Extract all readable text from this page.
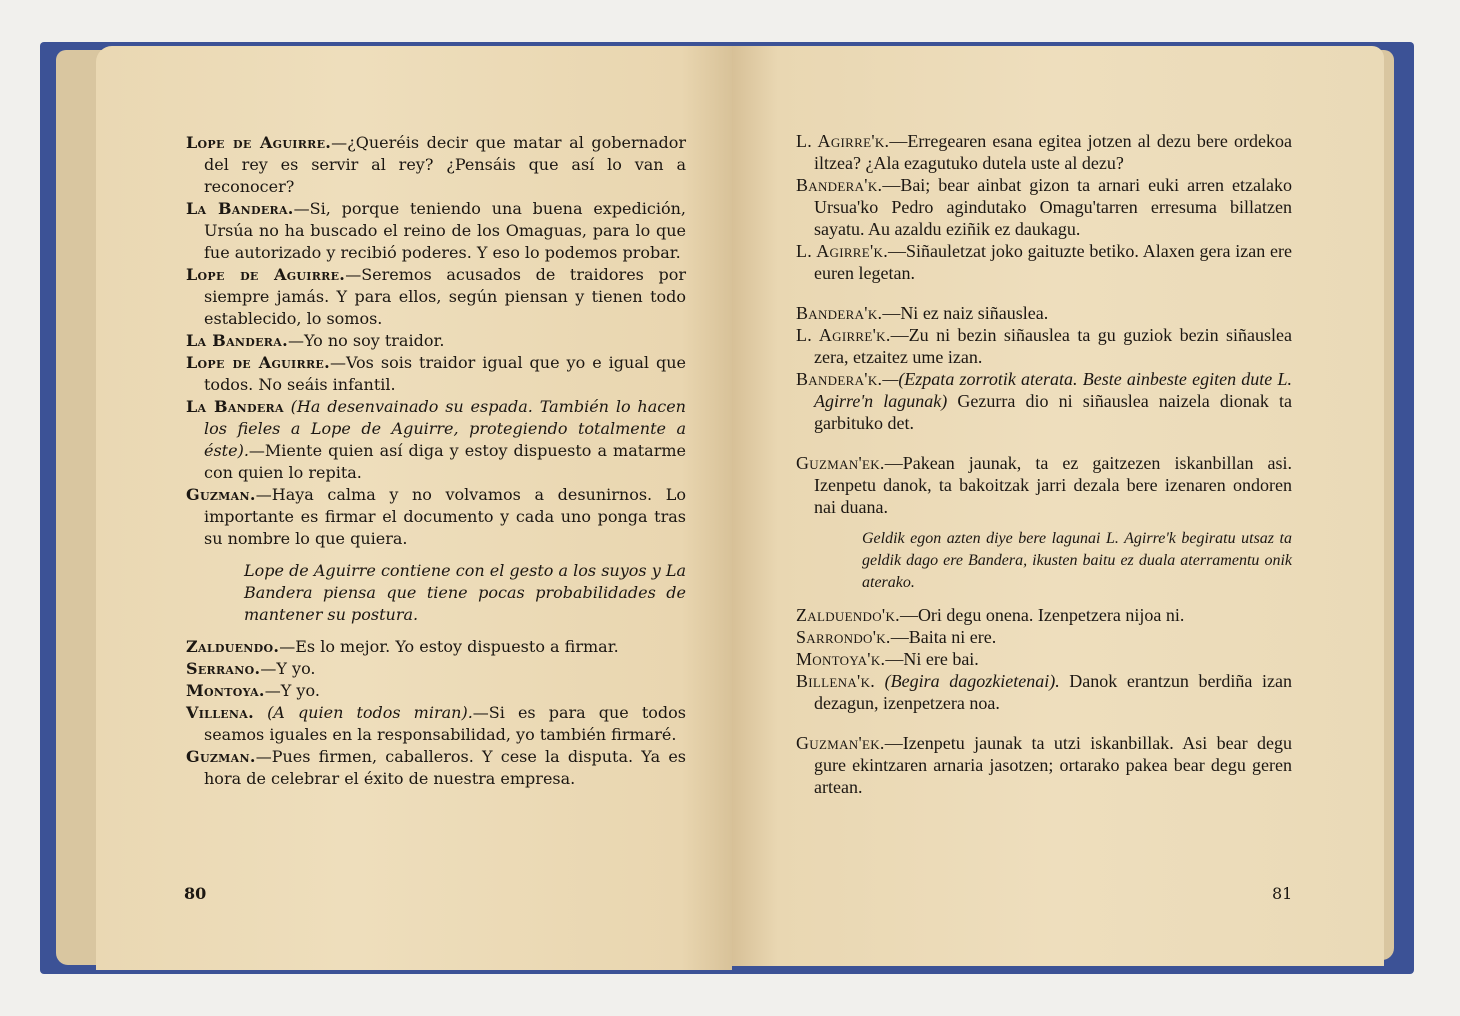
Lope de Aguirre.—¿Queréis decir que matar al gobernador del rey es servir al rey? ¿Pensáis que así lo van a reconocer?

La Bandera.—Si, porque teniendo una buena expedición, Ursúa no ha buscado el reino de los Omaguas, para lo que fue autorizado y recibió poderes. Y eso lo podemos probar.

Lope de Aguirre.—Seremos acusados de traidores por siempre jamás. Y para ellos, según piensan y tienen todo establecido, lo somos.

La Bandera.—Yo no soy traidor.

Lope de Aguirre.—Vos sois traidor igual que yo e igual que todos. No seáis infantil.

La Bandera (Ha desenvainado su espada. También lo hacen los fieles a Lope de Aguirre, protegiendo totalmente a éste).—Miente quien así diga y estoy dispuesto a matarme con quien lo repita.

Guzman.—Haya calma y no volvamos a desunirnos. Lo importante es firmar el documento y cada uno ponga tras su nombre lo que quiera.

Lope de Aguirre contiene con el gesto a los suyos y La Bandera piensa que tiene pocas probabilidades de mantener su postura.

Zalduendo.—Es lo mejor. Yo estoy dispuesto a firmar.

Serrano.—Y yo.

Montoya.—Y yo.

Villena. (A quien todos miran).—Si es para que todos seamos iguales en la responsabilidad, yo también firmaré.

Guzman.—Pues firmen, caballeros. Y cese la disputa. Ya es hora de celebrar el éxito de nuestra empresa.

80

L. Agirre'k.—Erregearen esana egitea jotzen al dezu bere ordekoa iltzea? ¿Ala ezagutuko dutela uste al dezu?

Bandera'k.—Bai; bear ainbat gizon ta arnari euki arren etzalako Ursua'ko Pedro agindutako Omagu'tarren erresuma billatzen sayatu. Au azaldu eziñik ez daukagu.

L. Agirre'k.—Siñauletzat joko gaituzte betiko. Alaxen gera izan ere euren legetan.

Bandera'k.—Ni ez naiz siñauslea.

L. Agirre'k.—Zu ni bezin siñauslea ta gu guziok bezin siñauslea zera, etzaitez ume izan.

Bandera'k.—(Ezpata zorrotik aterata. Beste ainbeste egiten dute L. Agirre'n lagunak) Gezurra dio ni siñauslea naizela dionak ta garbituko det.

Guzman'ek.—Pakean jaunak, ta ez gaitzezen iskanbillan asi. Izenpetu danok, ta bakoitzak jarri dezala bere izenaren ondoren nai duana.

Geldik egon azten diye bere lagunai L. Agirre'k begiratu utsaz ta geldik dago ere Bandera, ikusten baitu ez duala aterramentu onik aterako.

Zalduendo'k.—Ori degu onena. Izenpetzera nijoa ni.

Sarrondo'k.—Baita ni ere.

Montoya'k.—Ni ere bai.

Billena'k. (Begira dagozkietenai). Danok erantzun berdiña izan dezagun, izenpetzera noa.

Guzman'ek.—Izenpetu jaunak ta utzi iskanbillak. Asi bear degu gure ekintzaren arnaria jasotzen; ortarako pakea bear degu geren artean.

81
